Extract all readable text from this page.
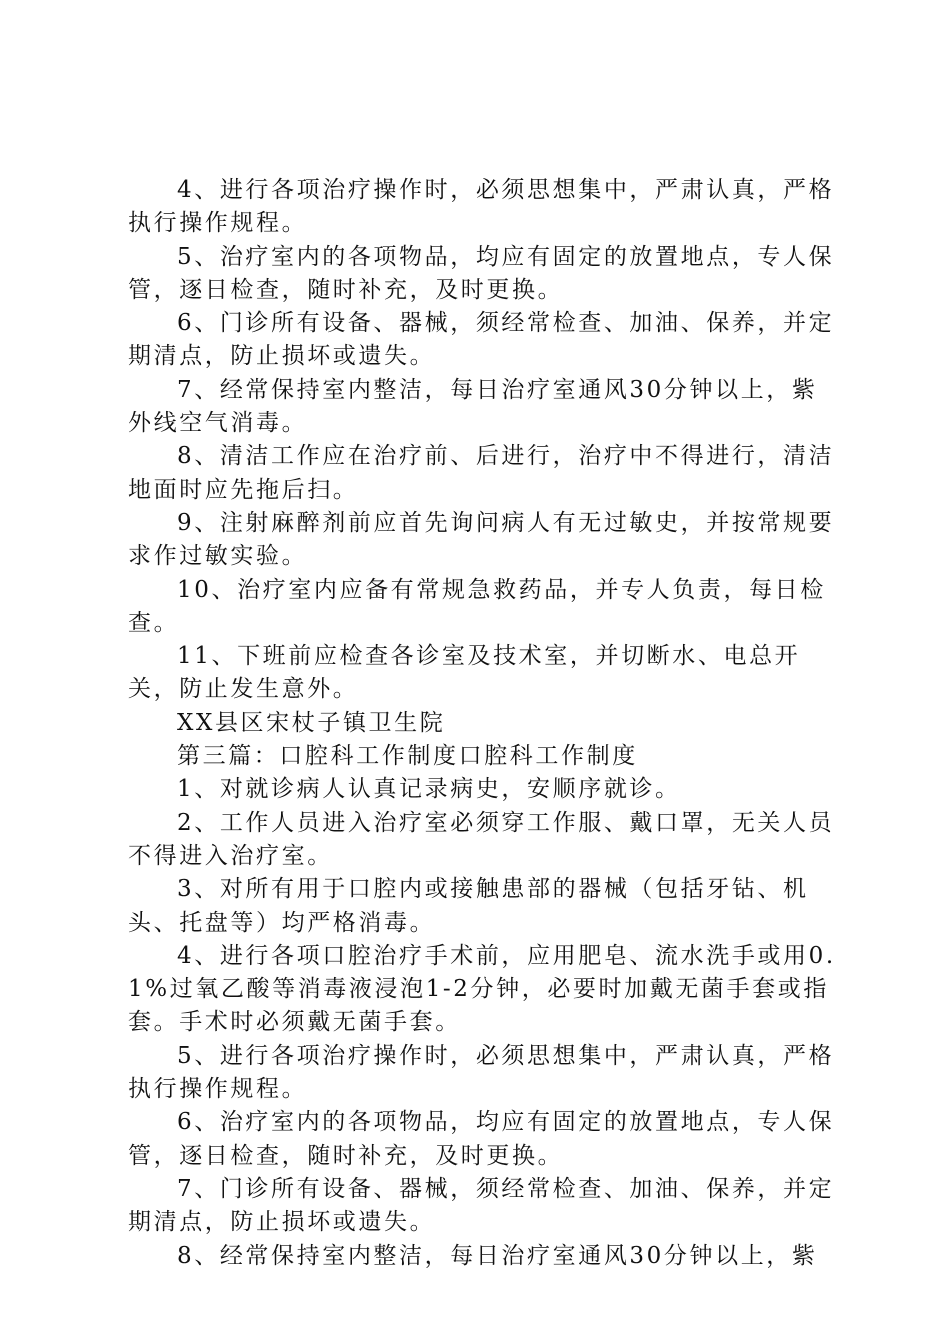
4、进行各项治疗操作时，必须思想集中，严肃认真，严格执行操作规程。

5、治疗室内的各项物品，均应有固定的放置地点，专人保管，逐日检查，随时补充，及时更换。

6、门诊所有设备、器械，须经常检查、加油、保养，并定期清点，防止损坏或遗失。

7、经常保持室内整洁，每日治疗室通风30分钟以上，紫外线空气消毒。

8、清洁工作应在治疗前、后进行，治疗中不得进行，清洁地面时应先拖后扫。

9、注射麻醉剂前应首先询问病人有无过敏史，并按常规要求作过敏实验。

10、治疗室内应备有常规急救药品，并专人负责，每日检查。

11、下班前应检查各诊室及技术室，并切断水、电总开关，防止发生意外。

XX县区宋杖子镇卫生院

第三篇：口腔科工作制度口腔科工作制度

1、对就诊病人认真记录病史，安顺序就诊。

2、工作人员进入治疗室必须穿工作服、戴口罩，无关人员不得进入治疗室。

3、对所有用于口腔内或接触患部的器械（包括牙钻、机头、托盘等）均严格消毒。

4、进行各项口腔治疗手术前，应用肥皂、流水洗手或用0.1%过氧乙酸等消毒液浸泡1-2分钟，必要时加戴无菌手套或指套。手术时必须戴无菌手套。

5、进行各项治疗操作时，必须思想集中，严肃认真，严格执行操作规程。

6、治疗室内的各项物品，均应有固定的放置地点，专人保管，逐日检查，随时补充，及时更换。

7、门诊所有设备、器械，须经常检查、加油、保养，并定期清点，防止损坏或遗失。

8、经常保持室内整洁，每日治疗室通风30分钟以上，紫
